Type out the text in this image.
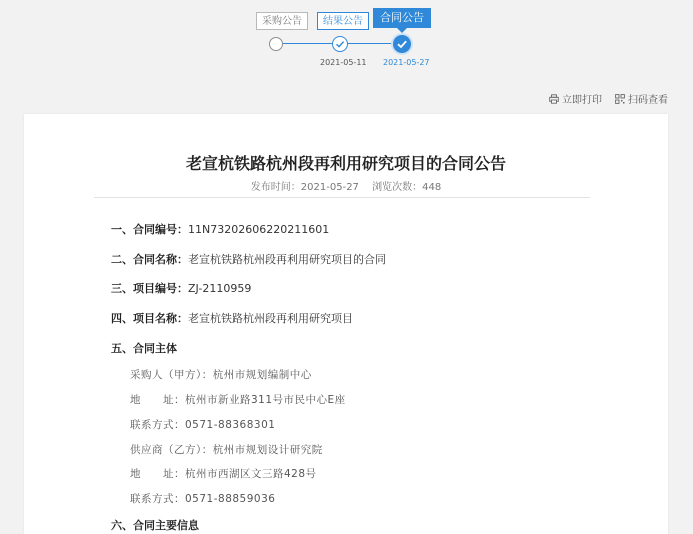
采购公告	结果公告	合同公告
2021-05-11 2021-05-27
立即打印	扫码查看
老宣杭铁路杭州段再利用研究项目的合同公告
发布时间：2021-05-27 浏览次数：448
一、合同编号：11N73202606220211601
二、合同名称：老宣杭铁路杭州段再利用研究项目的合同
三、项目编号：ZJ-2110959
四、项目名称：老宣杭铁路杭州段再利用研究项目
五、合同主体
采购人（甲方）：杭州市规划编制中心
地　　址：杭州市新业路311号市民中心E座
联系方式：0571-88368301
供应商（乙方）：杭州市规划设计研究院
地　　址：杭州市西湖区文三路428号
联系方式：0571-88859036
六、合同主要信息
